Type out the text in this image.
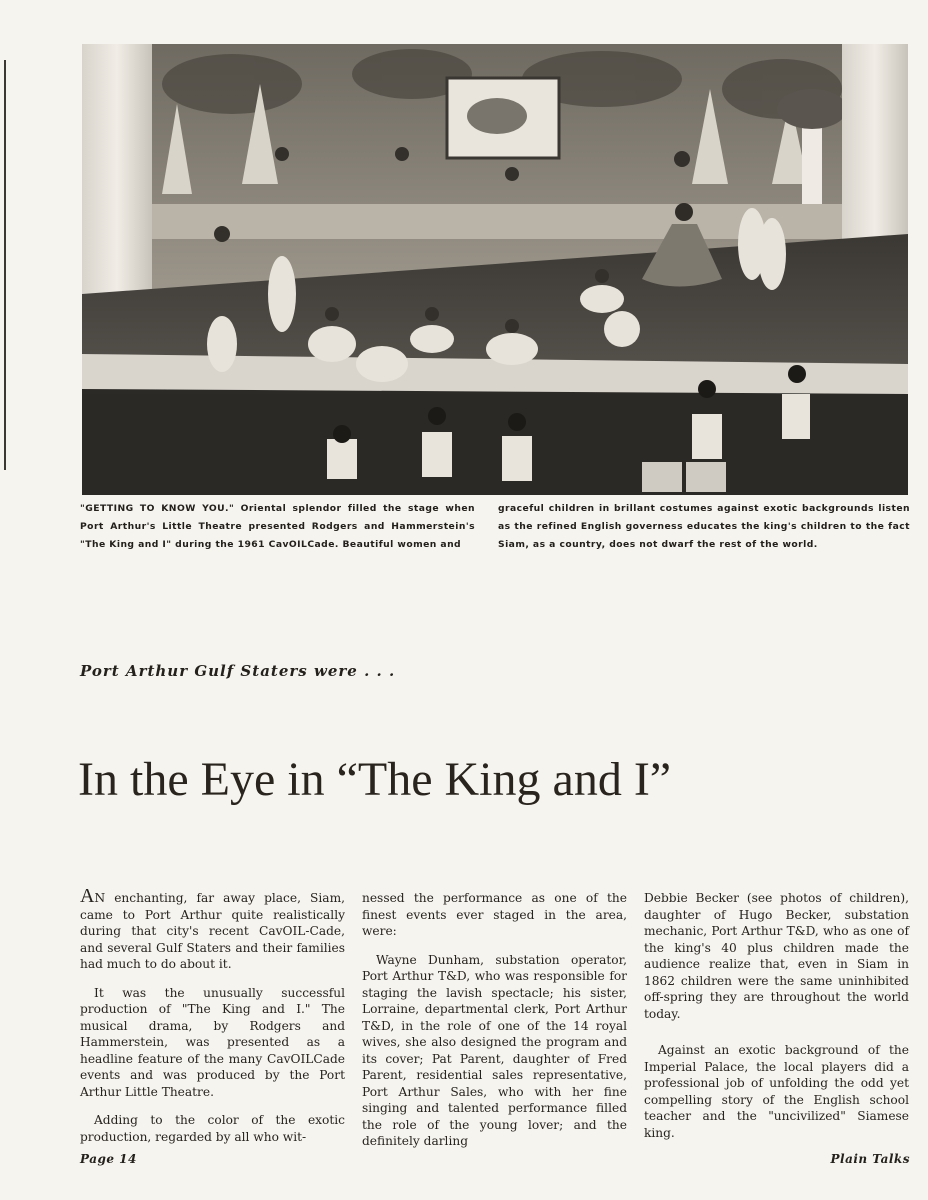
"GETTING TO KNOW YOU." Oriental splendor filled the stage when Port Arthur's Little Theatre presented Rodgers and Hammerstein's "The King and I" during the 1961 CavOILCade. Beautiful women and
graceful children in brillant costumes against exotic backgrounds listen as the refined English governess educates the king's children to the fact Siam, as a country, does not dwarf the rest of the world.
Port Arthur Gulf Staters were . . .
In the Eye in “The King and I”

AN enchanting, far away place, Siam, came to Port Arthur quite realistically during that city's recent CavOIL-Cade, and several Gulf Staters and their families had much to do about it.

It was the unusually successful production of "The King and I." The musical drama, by Rodgers and Hammerstein, was presented as a headline feature of the many CavOILCade events and was produced by the Port Arthur Little Theatre.

Adding to the color of the exotic production, regarded by all who wit-

nessed the performance as one of the finest events ever staged in the area, were:

Wayne Dunham, substation operator, Port Arthur T&D, who was responsible for staging the lavish spectacle; his sister, Lorraine, departmental clerk, Port Arthur T&D, in the role of one of the 14 royal wives, she also designed the program and its cover; Pat Parent, daughter of Fred Parent, residential sales representative, Port Arthur Sales, who with her fine singing and talented performance filled the role of the young lover; and the definitely darling

Debbie Becker (see photos of children), daughter of Hugo Becker, substation mechanic, Port Arthur T&D, who as one of the king's 40 plus children made the audience realize that, even in Siam in 1862 children were the same uninhibited off-spring they are throughout the world today.

Against an exotic background of the Imperial Palace, the local players did a professional job of unfolding the odd yet compelling story of the English school teacher and the "uncivilized" Siamese king.

Page 14	Plain Talks
